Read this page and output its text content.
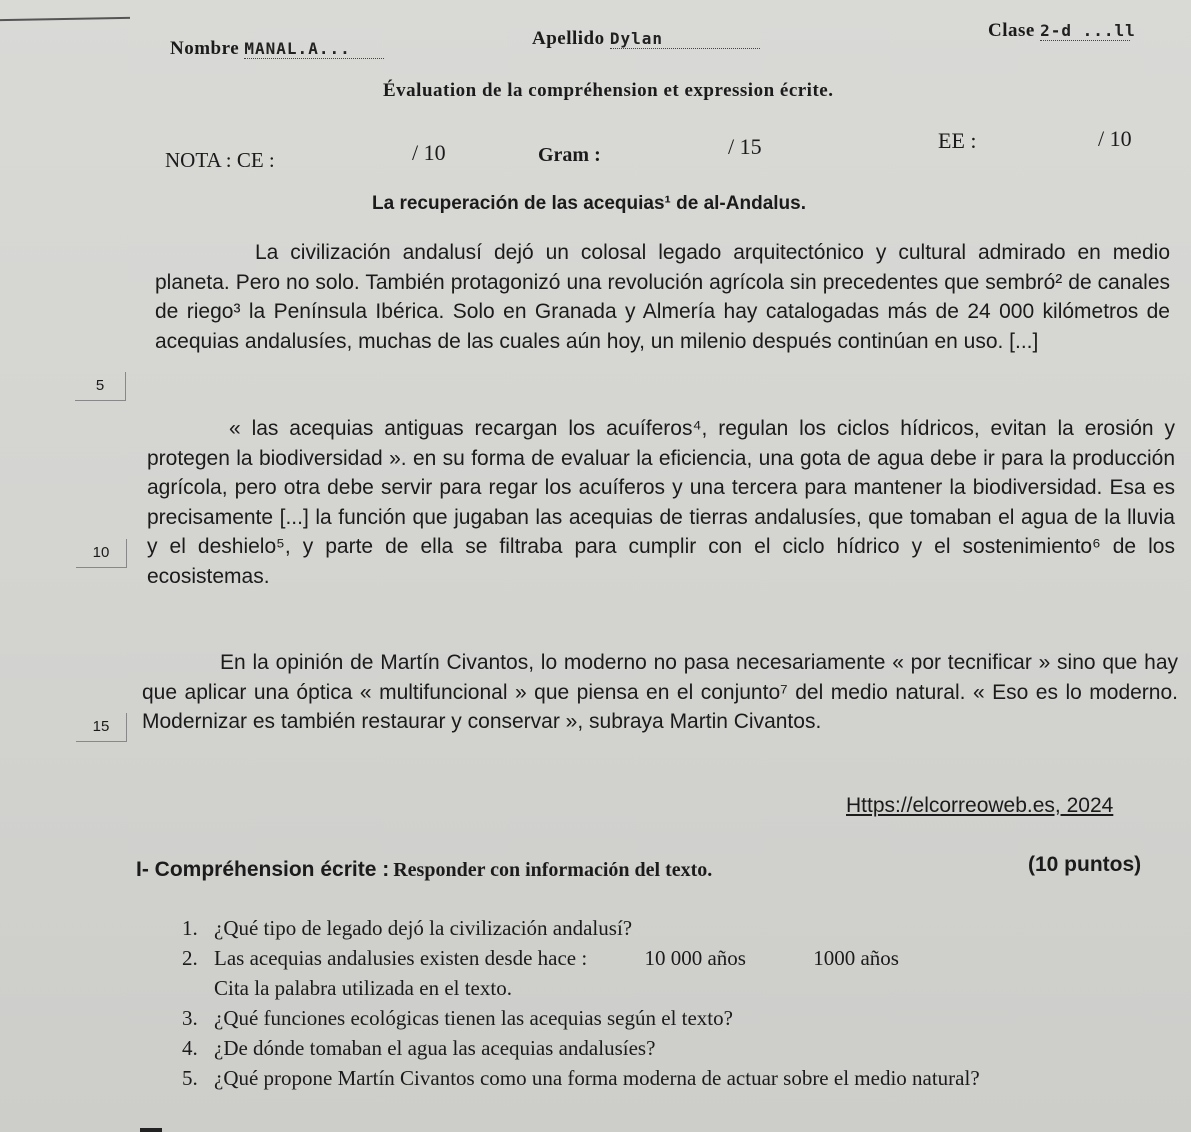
Nombre MANAL.A...	Apellido Dylan	Clase 2-d ...ll
Évaluation de la compréhension et expression écrite.
NOTA : CE :	/ 10	Gram :	/ 15	EE :	/ 10
La recuperación de las acequias¹ de al-Andalus.
La civilización andalusí dejó un colosal legado arquitectónico y cultural admirado en medio planeta. Pero no solo. También protagonizó una revolución agrícola sin precedentes que sembró² de canales de riego³ la Península Ibérica. Solo en Granada y Almería hay catalogadas más de 24 000 kilómetros de acequias andalusíes, muchas de las cuales aún hoy, un milenio después continúan en uso. [...]
5
« las acequias antiguas recargan los acuíferos⁴, regulan los ciclos hídricos, evitan la erosión y protegen la biodiversidad ». en su forma de evaluar la eficiencia, una gota de agua debe ir para la producción agrícola, pero otra debe servir para regar los acuíferos y una tercera para mantener la biodiversidad. Esa es precisamente [...] la función que jugaban las acequias de tierras andalusíes, que tomaban el agua de la lluvia y el deshielo⁵, y parte de ella se filtraba para cumplir con el ciclo hídrico y el sostenimiento⁶ de los ecosistemas.
10
En la opinión de Martín Civantos, lo moderno no pasa necesariamente « por tecnificar » sino que hay que aplicar una óptica « multifuncional » que piensa en el conjunto⁷ del medio natural. « Eso es lo moderno. Modernizar es también restaurar y conservar », subraya Martin Civantos.
15
Https://elcorreoweb.es, 2024
I- Compréhension écrite : Responder con información del texto.	(10 puntos)
1. ¿Qué tipo de legado dejó la civilización andalusí?
2. Las acequias andalusies existen desde hace :	10 000 años	1000 años
Cita la palabra utilizada en el texto.
3. ¿Qué funciones ecológicas tienen las acequias según el texto?
4. ¿De dónde tomaban el agua las acequias andalusíes?
5. ¿Qué propone Martín Civantos como una forma moderna de actuar sobre el medio natural?
